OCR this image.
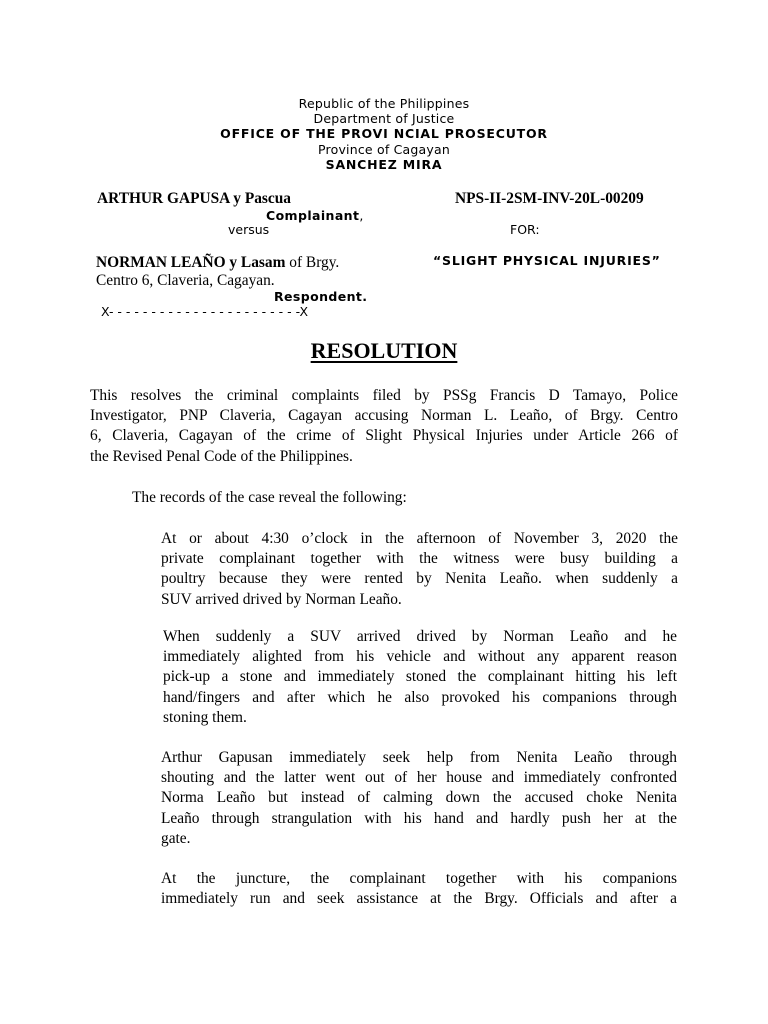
Republic of the Philippines
Department of Justice
OFFICE OF THE PROVI NCIAL PROSECUTOR
Province of Cagayan
SANCHEZ MIRA
ARTHUR GAPUSA y Pascua
Complainant,
versus
NORMAN LEAÑO y Lasam of Brgy.
Centro 6, Claveria, Cagayan.
Respondent.
X- - - - - - - - - - - - - - - - - - - - - - -X
NPS-II-2SM-INV-20L-00209
FOR:
“SLIGHT PHYSICAL INJURIES”
RESOLUTION
This resolves the criminal complaints filed by PSSg Francis D Tamayo, Police
Investigator, PNP Claveria, Cagayan accusing Norman L. Leaño, of Brgy. Centro
6, Claveria, Cagayan of the crime of Slight Physical Injuries under Article 266 of
the Revised Penal Code of the Philippines.
The records of the case reveal the following:
At or about 4:30 o’clock in the afternoon of November 3, 2020 the
private complainant together with the witness were busy building a
poultry because they were rented by Nenita Leaño. when suddenly a
SUV arrived drived by Norman Leaño.
When suddenly a SUV arrived drived by Norman Leaño and he
immediately alighted from his vehicle and without any apparent reason
pick-up a stone and immediately stoned the complainant hitting his left
hand/fingers and after which he also provoked his companions through
stoning them.
Arthur Gapusan immediately seek help from Nenita Leaño through
shouting and the latter went out of her house and immediately confronted
Norma Leaño but instead of calming down the accused choke Nenita
Leaño through strangulation with his hand and hardly push her at the
gate.
At the juncture, the complainant together with his companions
immediately run and seek assistance at the Brgy. Officials and after a
